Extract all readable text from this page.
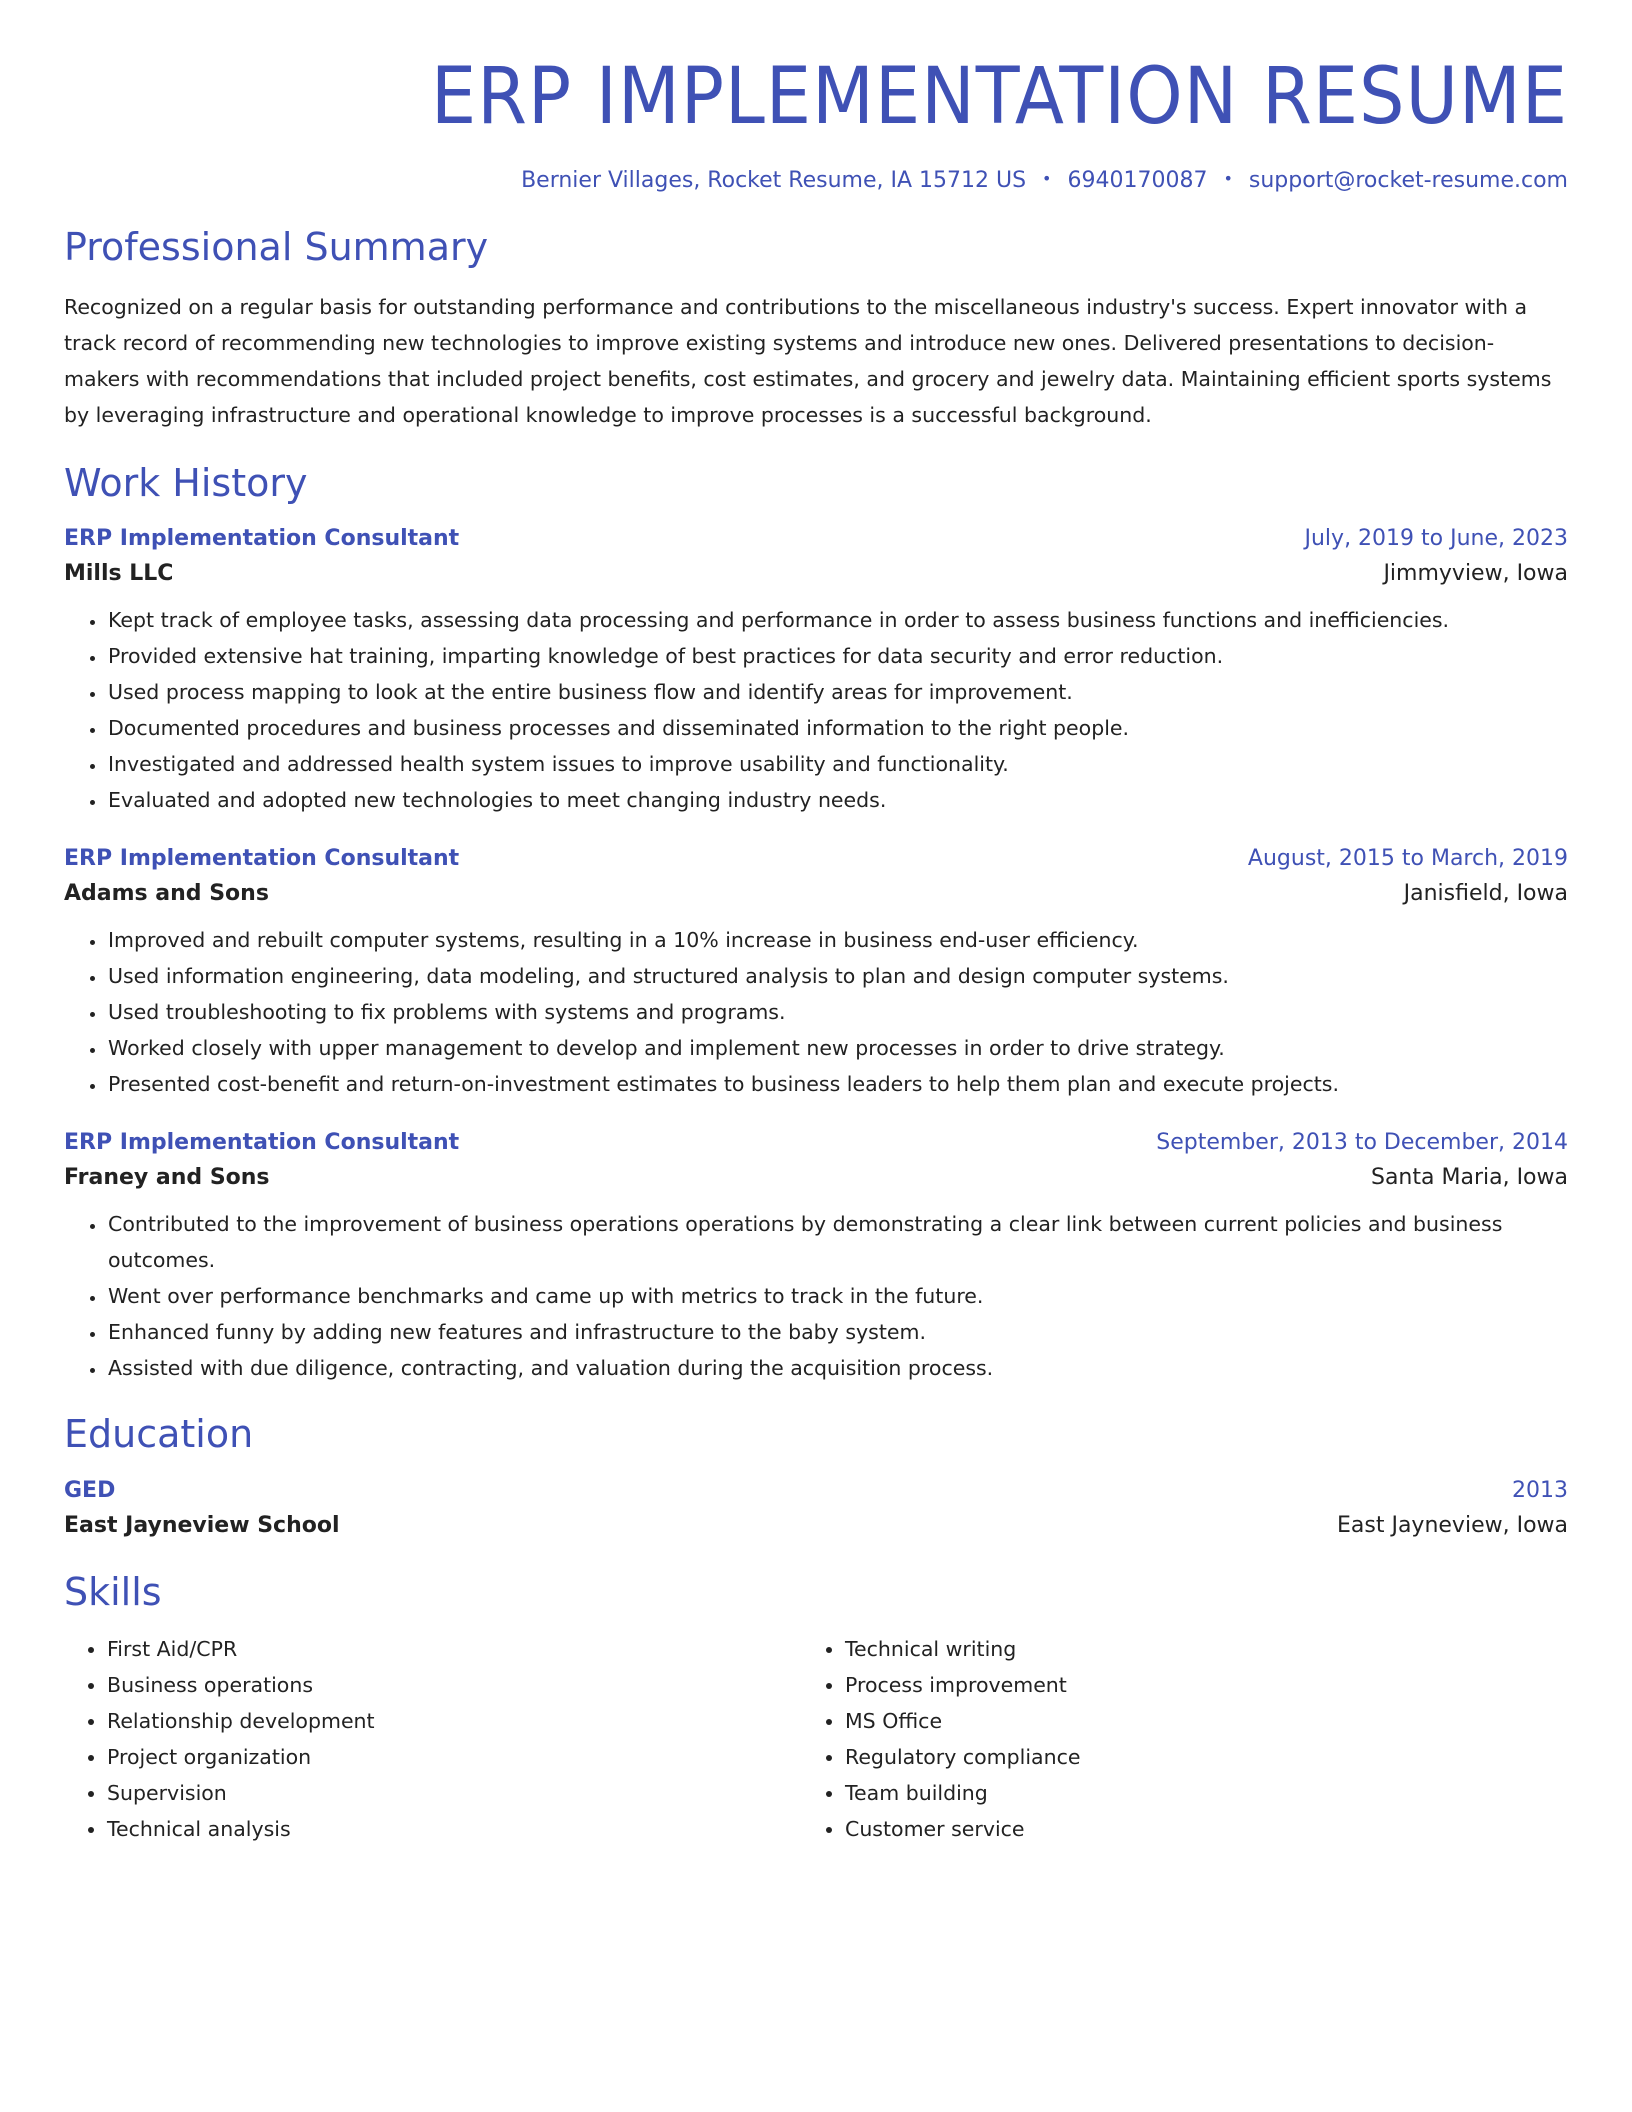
ERP IMPLEMENTATION RESUME
Bernier Villages, Rocket Resume, IA 15712 US • 6940170087 • support@rocket-resume.com
Professional Summary

Recognized on a regular basis for outstanding performance and contributions to the miscellaneous industry's success. Expert innovator with a track record of recommending new technologies to improve existing systems and introduce new ones. Delivered presentations to decision-makers with recommendations that included project benefits, cost estimates, and grocery and jewelry data. Maintaining efficient sports systems by leveraging infrastructure and operational knowledge to improve processes is a successful background.

Work History
ERP Implementation Consultant	July, 2019 to June, 2023
Mills LLC	Jimmyview, Iowa
• Kept track of employee tasks, assessing data processing and performance in order to assess business functions and inefficiencies.
• Provided extensive hat training, imparting knowledge of best practices for data security and error reduction.
• Used process mapping to look at the entire business flow and identify areas for improvement.
• Documented procedures and business processes and disseminated information to the right people.
• Investigated and addressed health system issues to improve usability and functionality.
• Evaluated and adopted new technologies to meet changing industry needs.
ERP Implementation Consultant	August, 2015 to March, 2019
Adams and Sons	Janisfield, Iowa
• Improved and rebuilt computer systems, resulting in a 10% increase in business end-user efficiency.
• Used information engineering, data modeling, and structured analysis to plan and design computer systems.
• Used troubleshooting to fix problems with systems and programs.
• Worked closely with upper management to develop and implement new processes in order to drive strategy.
• Presented cost-benefit and return-on-investment estimates to business leaders to help them plan and execute projects.
ERP Implementation Consultant	September, 2013 to December, 2014
Franey and Sons	Santa Maria, Iowa
• Contributed to the improvement of business operations operations by demonstrating a clear link between current policies and business outcomes.
• Went over performance benchmarks and came up with metrics to track in the future.
• Enhanced funny by adding new features and infrastructure to the baby system.
• Assisted with due diligence, contracting, and valuation during the acquisition process.
Education
GED	2013
East Jayneview School	East Jayneview, Iowa
Skills
• First Aid/CPR
• Business operations
• Relationship development
• Project organization
• Supervision
• Technical analysis
• Technical writing
• Process improvement
• MS Office
• Regulatory compliance
• Team building
• Customer service
